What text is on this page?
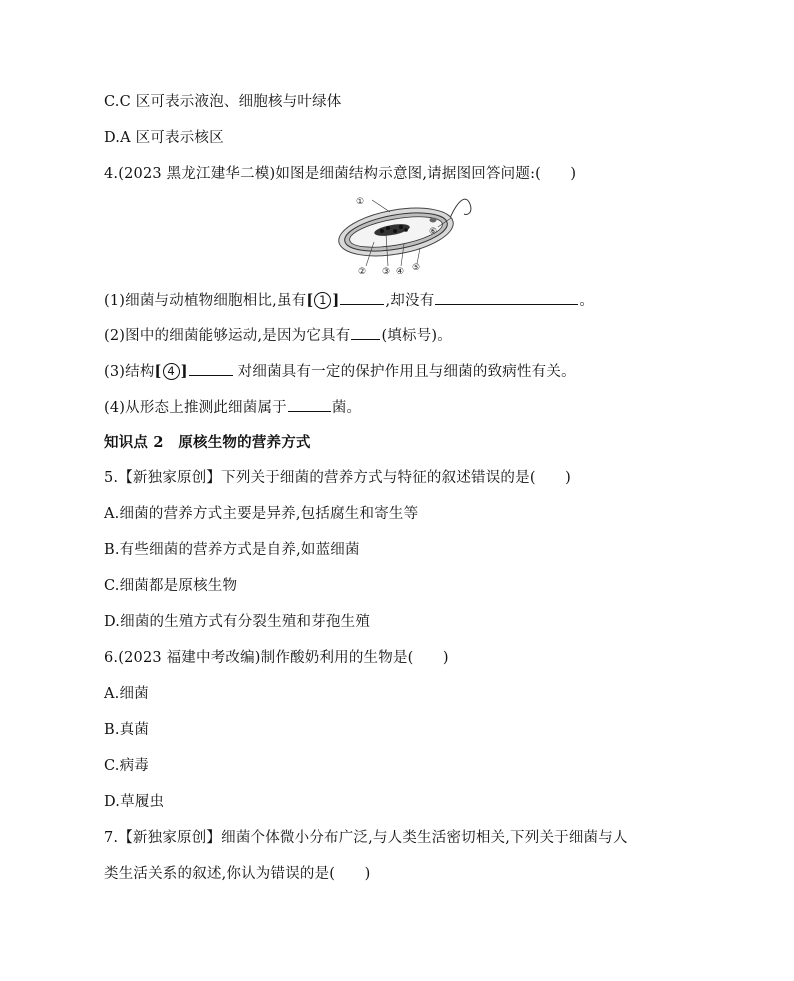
C.C 区可表示液泡、细胞核与叶绿体
D.A 区可表示核区
4.(2023 黑龙江建华二模)如图是细菌结构示意图,请据图回答问题:(　　)
①
② ③ ④ ⑤
⑥
(1)细菌与动植物细胞相比,虽有[ 1 ]	,却没有	。
(2)图中的细菌能够运动,是因为它具有 (填标号)。
(3)结构[ 4 ]	对细菌具有一定的保护作用且与细菌的致病性有关。
(4)从形态上推测此细菌属于	菌。
知识点 2　原核生物的营养方式
5.【新独家原创】下列关于细菌的营养方式与特征的叙述错误的是(　　)
A.细菌的营养方式主要是异养,包括腐生和寄生等
B.有些细菌的营养方式是自养,如蓝细菌
C.细菌都是原核生物
D.细菌的生殖方式有分裂生殖和芽孢生殖
6.(2023 福建中考改编)制作酸奶利用的生物是(　　)
A.细菌
B.真菌
C.病毒
D.草履虫
7.【新独家原创】细菌个体微小分布广泛,与人类生活密切相关,下列关于细菌与人
类生活关系的叙述,你认为错误的是(　　)
